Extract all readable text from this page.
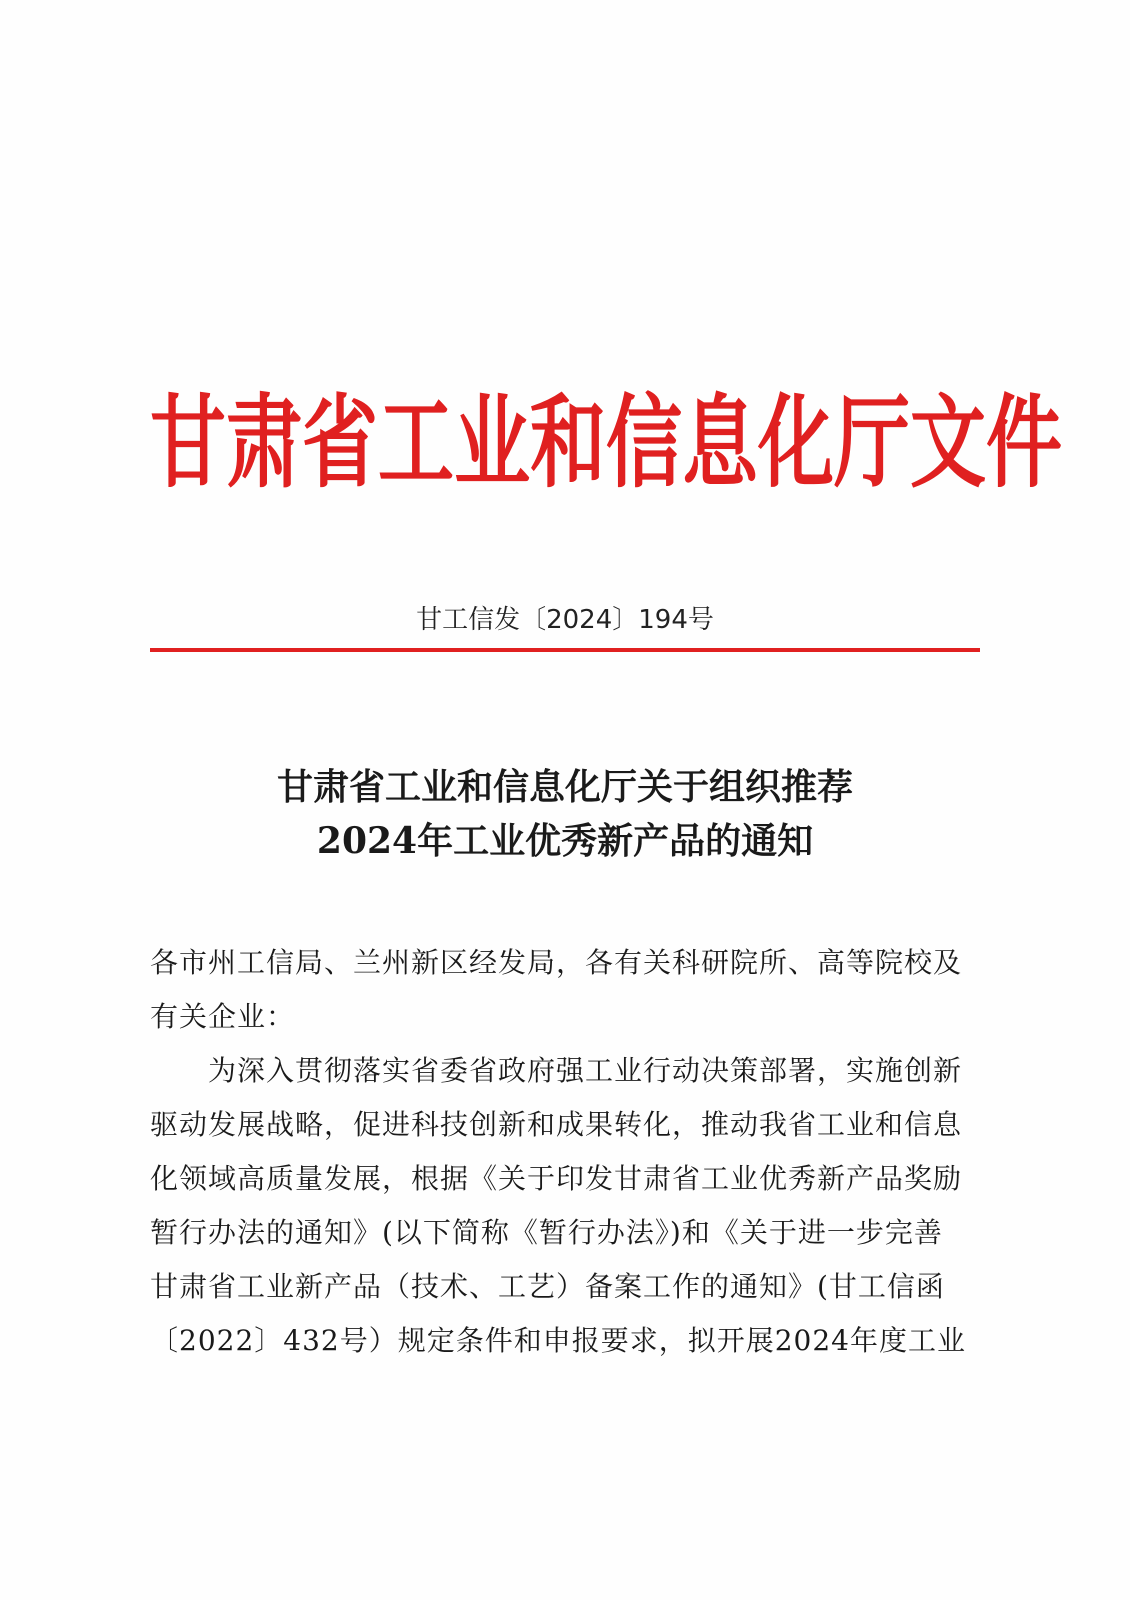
甘肃省工业和信息化厅文件
甘工信发〔2024〕194号
甘肃省工业和信息化厅关于组织推荐
2024年工业优秀新产品的通知
各市州工信局、兰州新区经发局，各有关科研院所、高等院校及
有关企业：
为深入贯彻落实省委省政府强工业行动决策部署，实施创新
驱动发展战略，促进科技创新和成果转化，推动我省工业和信息
化领域高质量发展，根据《关于印发甘肃省工业优秀新产品奖励
暂行办法的通知》(以下简称《暂行办法》)和《关于进一步完善
甘肃省工业新产品（技术、工艺）备案工作的通知》(甘工信函
〔2022〕432号）规定条件和申报要求，拟开展2024年度工业
